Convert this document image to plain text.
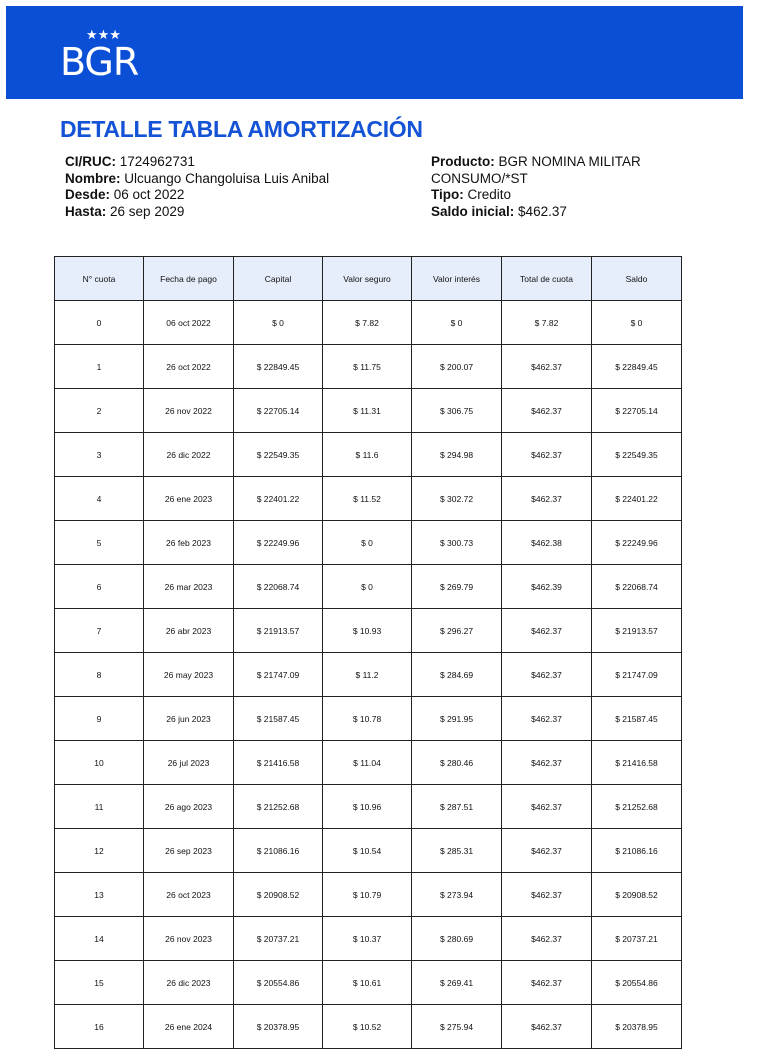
★★★
BGR
DETALLE TABLA AMORTIZACIÓN
CI/RUC: 1724962731
Nombre: Ulcuango Changoluisa Luis Anibal
Desde: 06 oct 2022
Hasta: 26 sep 2029
Producto: BGR NOMINA MILITAR
CONSUMO/*ST
Tipo: Credito
Saldo inicial: $462.37
N° cuota	Fecha de pago	Capital	Valor seguro	Valor interés	Total de cuota	Saldo
0	06 oct 2022	$ 0	$ 7.82	$ 0	$ 7.82	$ 0
1	26 oct 2022	$ 22849.45	$ 11.75	$ 200.07	$462.37	$ 22849.45
2	26 nov 2022	$ 22705.14	$ 11.31	$ 306.75	$462.37	$ 22705.14
3	26 dic 2022	$ 22549.35	$ 11.6	$ 294.98	$462.37	$ 22549.35
4	26 ene 2023	$ 22401.22	$ 11.52	$ 302.72	$462.37	$ 22401.22
5	26 feb 2023	$ 22249.96	$ 0	$ 300.73	$462.38	$ 22249.96
6	26 mar 2023	$ 22068.74	$ 0	$ 269.79	$462.39	$ 22068.74
7	26 abr 2023	$ 21913.57	$ 10.93	$ 296.27	$462.37	$ 21913.57
8	26 may 2023	$ 21747.09	$ 11.2	$ 284.69	$462.37	$ 21747.09
9	26 jun 2023	$ 21587.45	$ 10.78	$ 291.95	$462.37	$ 21587.45
10	26 jul 2023	$ 21416.58	$ 11.04	$ 280.46	$462.37	$ 21416.58
11	26 ago 2023	$ 21252.68	$ 10.96	$ 287.51	$462.37	$ 21252.68
12	26 sep 2023	$ 21086.16	$ 10.54	$ 285.31	$462.37	$ 21086.16
13	26 oct 2023	$ 20908.52	$ 10.79	$ 273.94	$462.37	$ 20908.52
14	26 nov 2023	$ 20737.21	$ 10.37	$ 280.69	$462.37	$ 20737.21
15	26 dic 2023	$ 20554.86	$ 10.61	$ 269.41	$462.37	$ 20554.86
16	26 ene 2024	$ 20378.95	$ 10.52	$ 275.94	$462.37	$ 20378.95
